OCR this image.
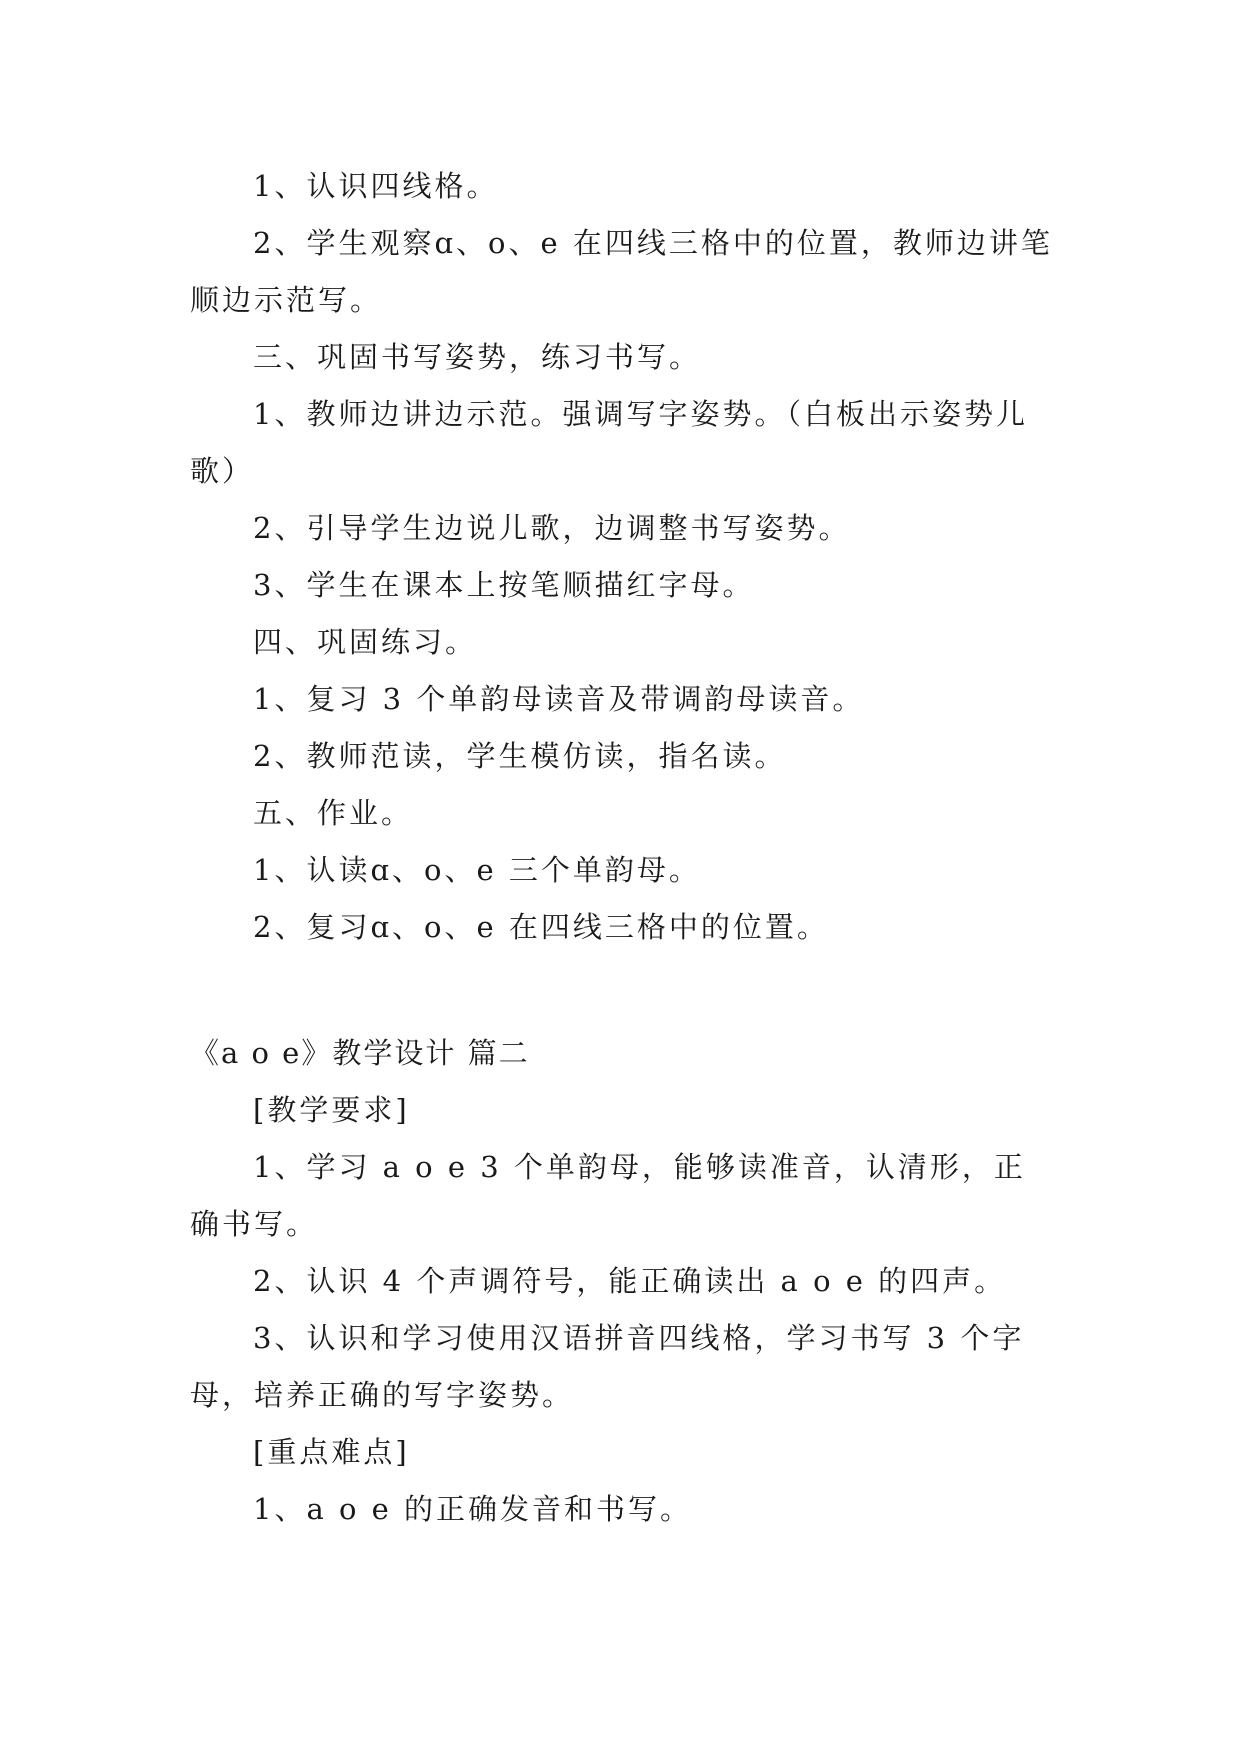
1、认识四线格。
2、学生观察ɑ、o、e 在四线三格中的位置，教师边讲笔
顺边示范写。
三、巩固书写姿势，练习书写。
1、教师边讲边示范。强调写字姿势。（白板出示姿势儿
歌）
2、引导学生边说儿歌，边调整书写姿势。
3、学生在课本上按笔顺描红字母。
四、巩固练习。
1、复习 3 个单韵母读音及带调韵母读音。
2、教师范读，学生模仿读，指名读。
五、作业。
1、认读ɑ、o、e 三个单韵母。
2、复习ɑ、o、e 在四线三格中的位置。
《a o e》教学设计 篇二
[教学要求]
1、学习 a o e 3 个单韵母，能够读准音，认清形，正
确书写。
2、认识 4 个声调符号，能正确读出 a o e 的四声。
3、认识和学习使用汉语拼音四线格，学习书写 3 个字
母，培养正确的写字姿势。
[重点难点]
1、a o e 的正确发音和书写。
